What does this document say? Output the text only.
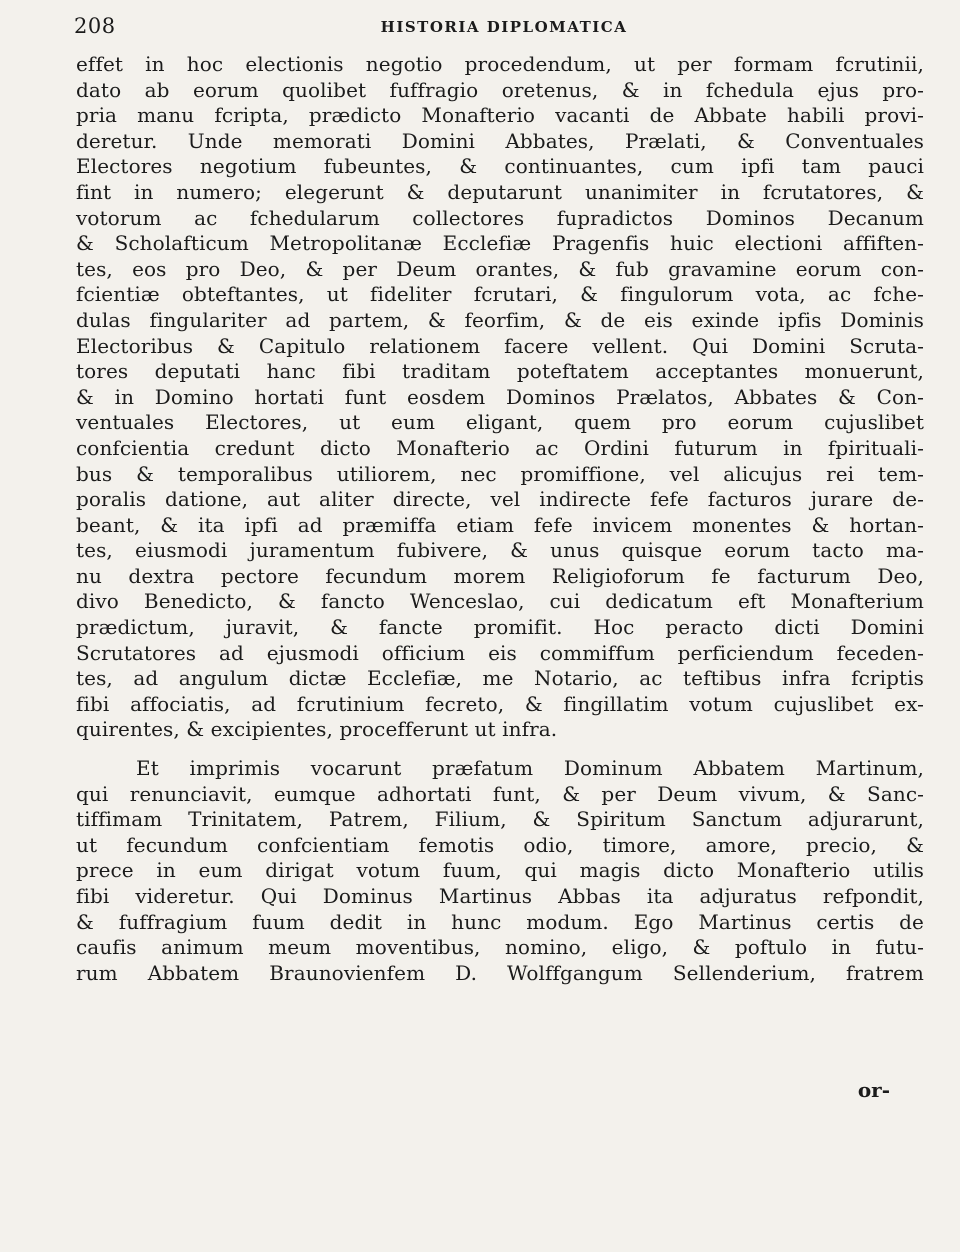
208	HISTORIA DIPLOMATICA
effet in hoc electionis negotio procedendum, ut per formam fcrutinii,
dato ab eorum quolibet fuffragio oretenus, & in fchedula ejus pro-
pria manu fcripta, prædicto Monafterio vacanti de Abbate habili provi-
deretur. Unde memorati Domini Abbates, Prælati, & Conventuales
Electores negotium fubeuntes, & continuantes, cum ipfi tam pauci
fint in numero; elegerunt & deputarunt unanimiter in fcrutatores, &
votorum ac fchedularum collectores fupradictos Dominos Decanum
& Scholafticum Metropolitanæ Ecclefiæ Pragenfis huic electioni affiften-
tes, eos pro Deo, & per Deum orantes, & fub gravamine eorum con-
fcientiæ obteftantes, ut fideliter fcrutari, & fingulorum vota, ac fche-
dulas fingulariter ad partem, & feorfim, & de eis exinde ipfis Dominis
Electoribus & Capitulo relationem facere vellent. Qui Domini Scruta-
tores deputati hanc fibi traditam poteftatem acceptantes monuerunt,
& in Domino hortati funt eosdem Dominos Prælatos, Abbates & Con-
ventuales Electores, ut eum eligant, quem pro eorum cujuslibet
confcientia credunt dicto Monafterio ac Ordini futurum in fpirituali-
bus & temporalibus utiliorem, nec promiffione, vel alicujus rei tem-
poralis datione, aut aliter directe, vel indirecte fefe facturos jurare de-
beant, & ita ipfi ad præmiffa etiam fefe invicem monentes & hortan-
tes, eiusmodi juramentum fubivere, & unus quisque eorum tacto ma-
nu dextra pectore fecundum morem Religioforum fe facturum Deo,
divo Benedicto, & fancto Wenceslao, cui dedicatum eft Monafterium
prædictum, juravit, & fancte promifit. Hoc peracto dicti Domini
Scrutatores ad ejusmodi officium eis commiffum perficiendum feceden-
tes, ad angulum dictæ Ecclefiæ, me Notario, ac teftibus infra fcriptis
fibi affociatis, ad fcrutinium fecreto, & fingillatim votum cujuslibet ex-
quirentes, & excipientes, procefferunt ut infra.
Et imprimis vocarunt præfatum Dominum Abbatem Martinum,
qui renunciavit, eumque adhortati funt, & per Deum vivum, & Sanc-
tiffimam Trinitatem, Patrem, Filium, & Spiritum Sanctum adjurarunt,
ut fecundum confcientiam femotis odio, timore, amore, precio, &
prece in eum dirigat votum fuum, qui magis dicto Monafterio utilis
fibi videretur. Qui Dominus Martinus Abbas ita adjuratus refpondit,
& fuffragium fuum dedit in hunc modum. Ego Martinus certis de
caufis animum meum moventibus, nomino, eligo, & poftulo in futu-
rum Abbatem Braunovienfem D. Wolffgangum Sellenderium, fratrem
or-
